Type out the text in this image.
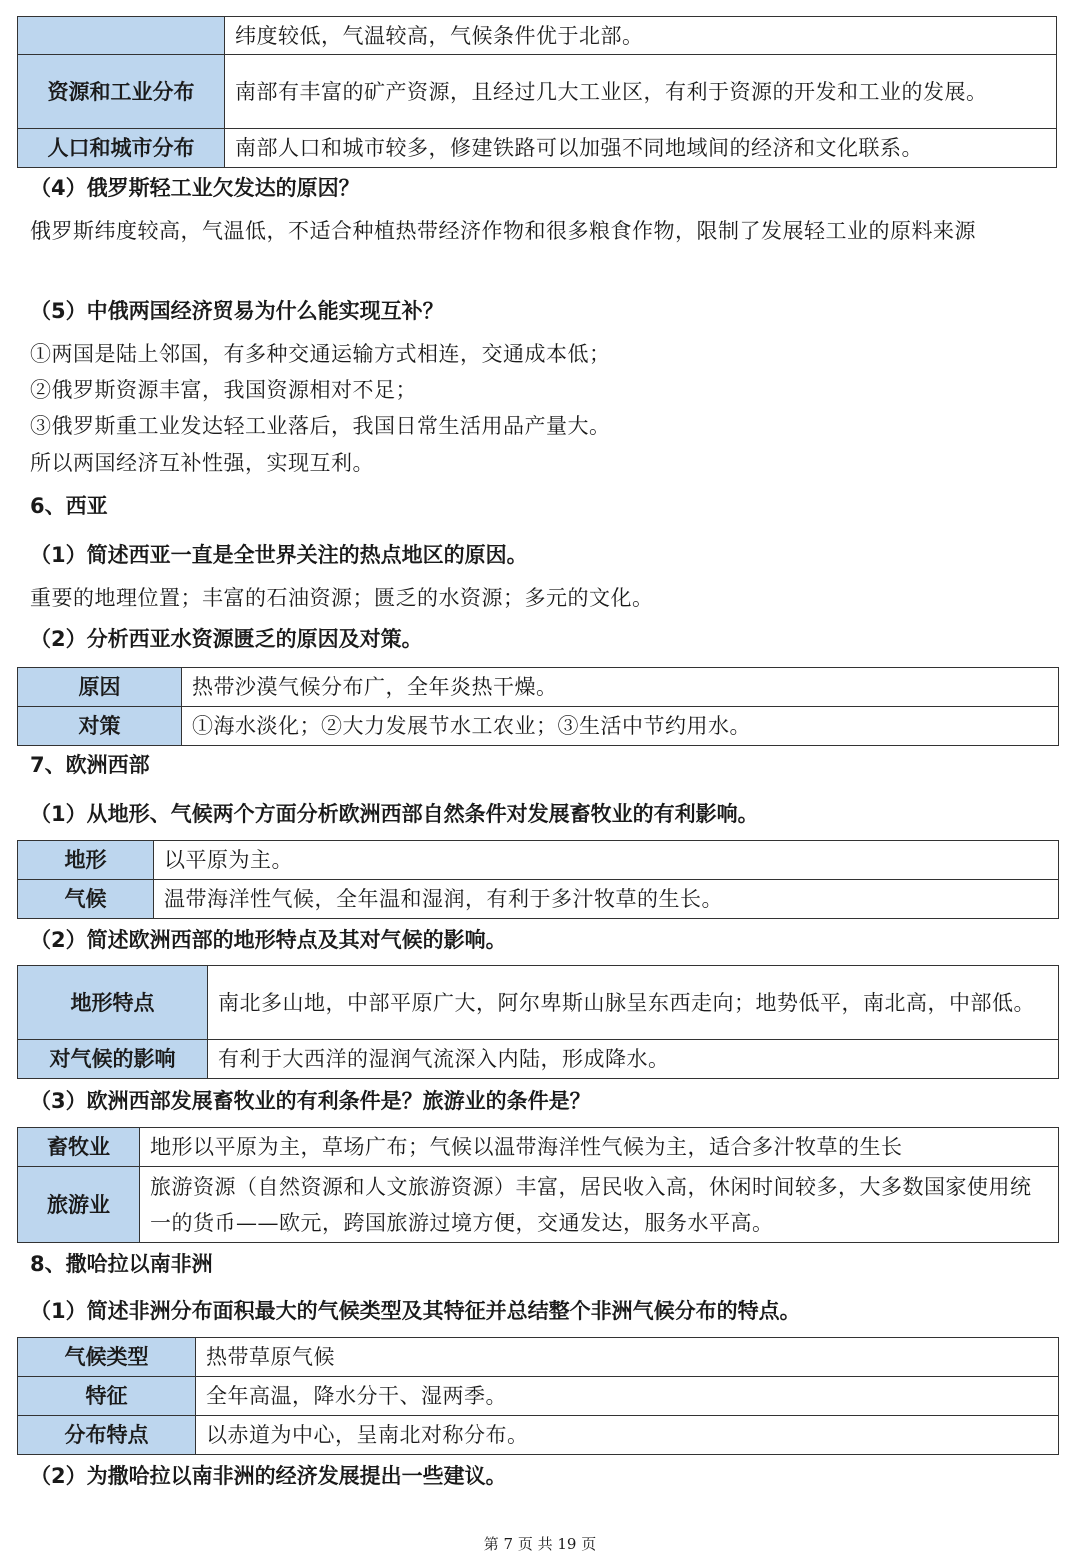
	纬度较低，气温较高，气候条件优于北部。
资源和工业分布	南部有丰富的矿产资源，且经过几大工业区，有利于资源的开发和工业的发展。
人口和城市分布	南部人口和城市较多，修建铁路可以加强不同地域间的经济和文化联系。
（4）俄罗斯轻工业欠发达的原因？
俄罗斯纬度较高，气温低，不适合种植热带经济作物和很多粮食作物，限制了发展轻工业的原料来源
（5）中俄两国经济贸易为什么能实现互补？
①两国是陆上邻国，有多种交通运输方式相连，交通成本低；
②俄罗斯资源丰富，我国资源相对不足；
③俄罗斯重工业发达轻工业落后，我国日常生活用品产量大。
所以两国经济互补性强，实现互利。
6、西亚
（1）简述西亚一直是全世界关注的热点地区的原因。
重要的地理位置；丰富的石油资源；匮乏的水资源；多元的文化。
（2）分析西亚水资源匮乏的原因及对策。
原因	热带沙漠气候分布广，全年炎热干燥。
对策	①海水淡化；②大力发展节水工农业；③生活中节约用水。
7、欧洲西部
（1）从地形、气候两个方面分析欧洲西部自然条件对发展畜牧业的有利影响。
地形	以平原为主。
气候	温带海洋性气候，全年温和湿润，有利于多汁牧草的生长。
（2）简述欧洲西部的地形特点及其对气候的影响。
地形特点	南北多山地，中部平原广大，阿尔卑斯山脉呈东西走向；地势低平，南北高，中部低。
对气候的影响	有利于大西洋的湿润气流深入内陆，形成降水。
（3）欧洲西部发展畜牧业的有利条件是？旅游业的条件是？
畜牧业	地形以平原为主，草场广布；气候以温带海洋性气候为主，适合多汁牧草的生长
旅游业	旅游资源（自然资源和人文旅游资源）丰富，居民收入高，休闲时间较多，大多数国家使用统一的货币——欧元，跨国旅游过境方便，交通发达，服务水平高。
8、撒哈拉以南非洲
（1）简述非洲分布面积最大的气候类型及其特征并总结整个非洲气候分布的特点。
气候类型	热带草原气候
特征	全年高温，降水分干、湿两季。
分布特点	以赤道为中心，呈南北对称分布。
（2）为撒哈拉以南非洲的经济发展提出一些建议。
第 7 页 共 19 页
